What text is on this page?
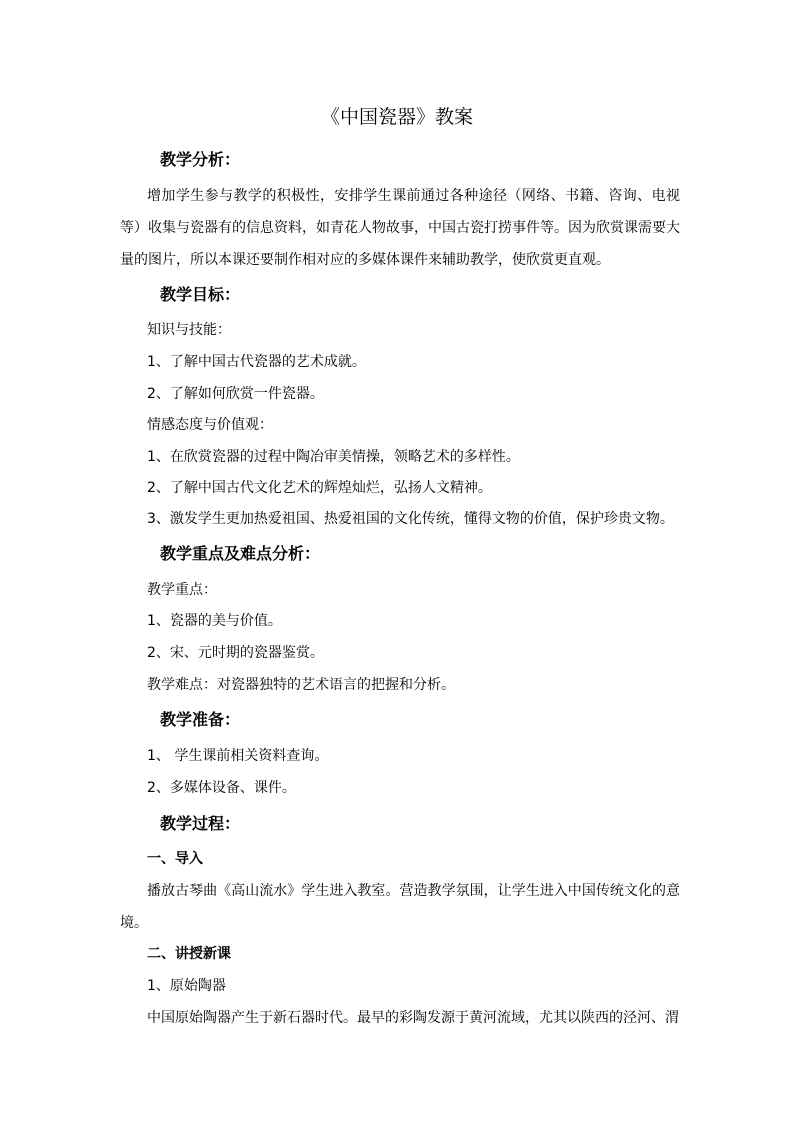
《中国瓷器》教案
教学分析：
增加学生参与教学的积极性，安排学生课前通过各种途径（网络、书籍、咨询、电视等）收集与瓷器有的信息资料，如青花人物故事，中国古瓷打捞事件等。因为欣赏课需要大量的图片，所以本课还要制作相对应的多媒体课件来辅助教学，使欣赏更直观。
教学目标：
知识与技能：
1、了解中国古代瓷器的艺术成就。
2、了解如何欣赏一件瓷器。
情感态度与价值观：
1、在欣赏瓷器的过程中陶冶审美情操，领略艺术的多样性。
2、了解中国古代文化艺术的辉煌灿烂，弘扬人文精神。
3、激发学生更加热爱祖国、热爱祖国的文化传统，懂得文物的价值，保护珍贵文物。
教学重点及难点分析：
教学重点：
1、瓷器的美与价值。
2、宋、元时期的瓷器鉴赏。
教学难点：对瓷器独特的艺术语言的把握和分析。
教学准备：
1、 学生课前相关资料查询。
2、多媒体设备、课件。
教学过程：
一、导入
播放古琴曲《高山流水》学生进入教室。营造教学氛围，让学生进入中国传统文化的意境。
二、讲授新课
1、原始陶器
中国原始陶器产生于新石器时代。最早的彩陶发源于黄河流域，尤其以陕西的泾河、渭
